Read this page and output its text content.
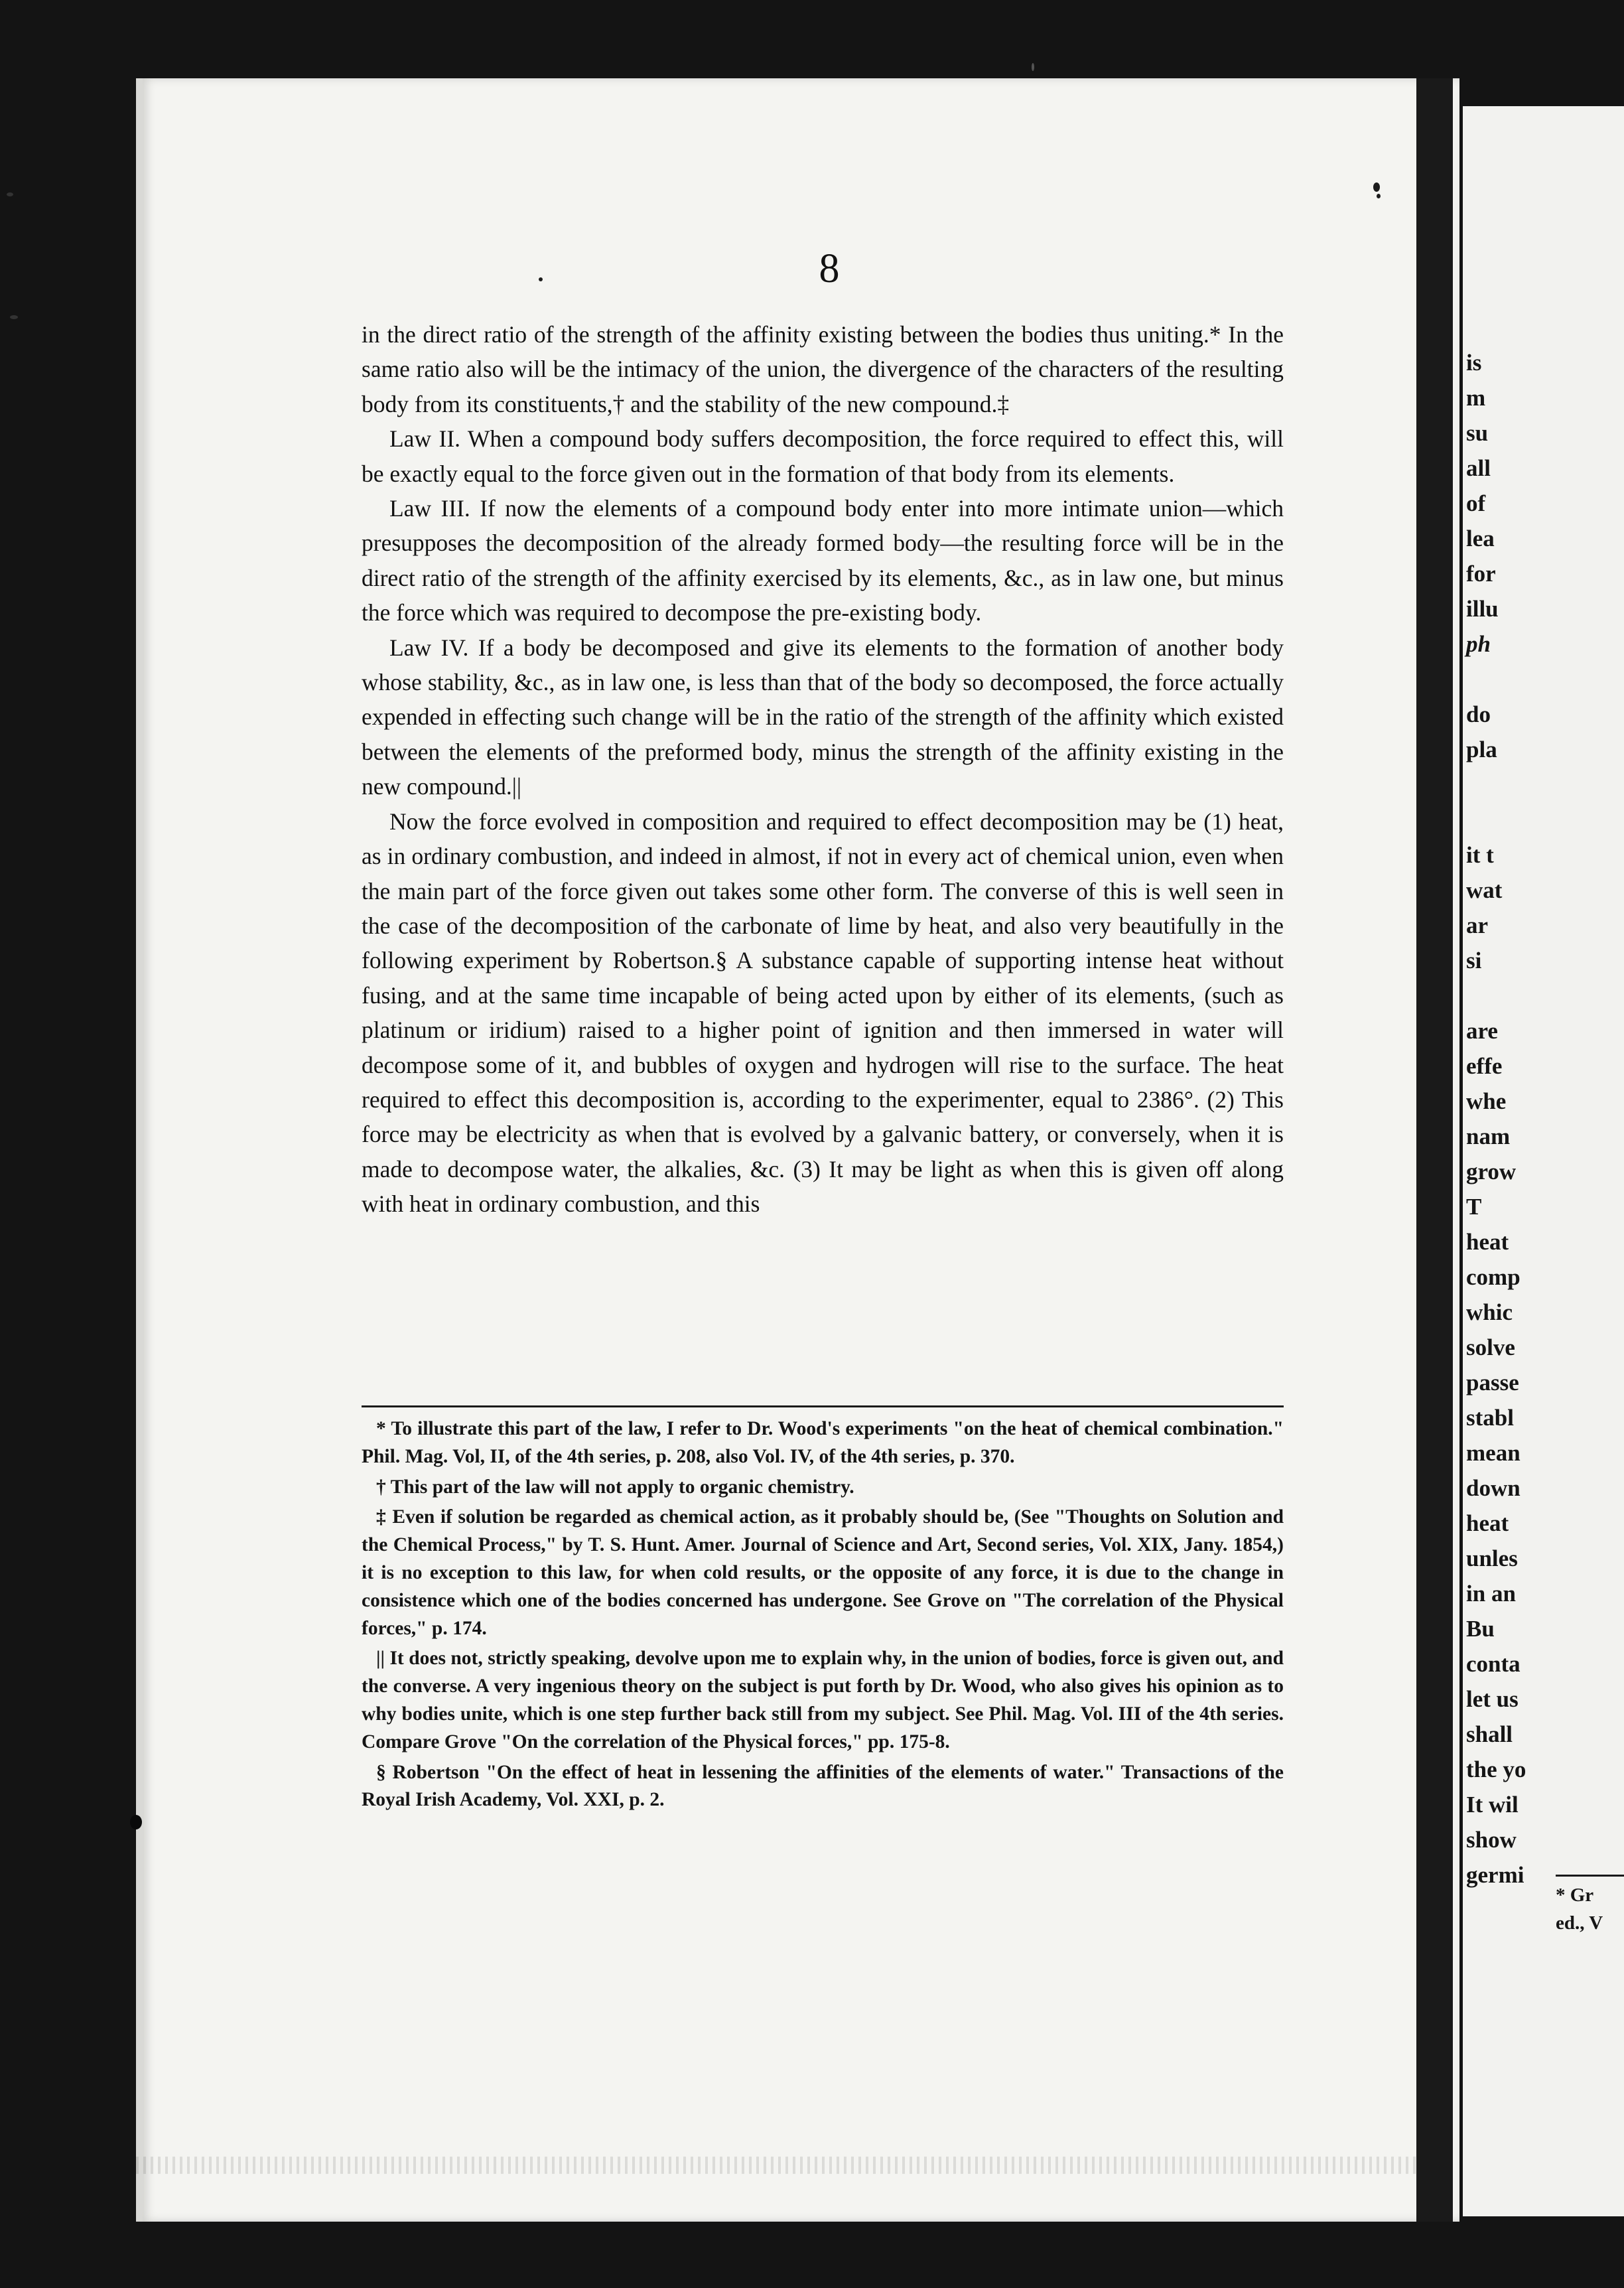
8

in the direct ratio of the strength of the affinity existing between the bodies thus uniting.* In the same ratio also will be the intimacy of the union, the divergence of the characters of the resulting body from its constituents,† and the stability of the new compound.‡

Law II. When a compound body suffers decomposition, the force required to effect this, will be exactly equal to the force given out in the formation of that body from its elements.

Law III. If now the elements of a compound body enter into more intimate union—which presupposes the decomposition of the already formed body—the resulting force will be in the direct ratio of the strength of the affinity exercised by its elements, &c., as in law one, but minus the force which was required to decompose the pre-existing body.

Law IV. If a body be decomposed and give its elements to the formation of another body whose stability, &c., as in law one, is less than that of the body so decomposed, the force actually expended in effecting such change will be in the ratio of the strength of the affinity which existed between the elements of the preformed body, minus the strength of the affinity existing in the new compound.||

Now the force evolved in composition and required to effect decomposition may be (1) heat, as in ordinary combustion, and indeed in almost, if not in every act of chemical union, even when the main part of the force given out takes some other form. The converse of this is well seen in the case of the decomposition of the carbonate of lime by heat, and also very beautifully in the following experiment by Robertson.§ A substance capable of supporting intense heat without fusing, and at the same time incapable of being acted upon by either of its elements, (such as platinum or iridium) raised to a higher point of ignition and then immersed in water will decompose some of it, and bubbles of oxygen and hydrogen will rise to the surface. The heat required to effect this decomposition is, according to the experimenter, equal to 2386°. (2) This force may be electricity as when that is evolved by a galvanic battery, or conversely, when it is made to decompose water, the alkalies, &c. (3) It may be light as when this is given off along with heat in ordinary combustion, and this

* To illustrate this part of the law, I refer to Dr. Wood's experiments "on the heat of chemical combination." Phil. Mag. Vol, II, of the 4th series, p. 208, also Vol. IV, of the 4th series, p. 370.

† This part of the law will not apply to organic chemistry.

‡ Even if solution be regarded as chemical action, as it probably should be, (See "Thoughts on Solution and the Chemical Process," by T. S. Hunt. Amer. Journal of Science and Art, Second series, Vol. XIX, Jany. 1854,) it is no exception to this law, for when cold results, or the opposite of any force, it is due to the change in consistence which one of the bodies concerned has undergone. See Grove on "The correlation of the Physical forces," p. 174.

|| It does not, strictly speaking, devolve upon me to explain why, in the union of bodies, force is given out, and the converse. A very ingenious theory on the subject is put forth by Dr. Wood, who also gives his opinion as to why bodies unite, which is one step further back still from my subject. See Phil. Mag. Vol. III of the 4th series. Compare Grove "On the correlation of the Physical forces," pp. 175-8.

§ Robertson "On the effect of heat in lessening the affinities of the elements of water." Transactions of the Royal Irish Academy, Vol. XXI, p. 2.

is
m
su
all
of
lea
for
illu
ph
do
pla
it t
wat
ar
si
are
effe
whe
nam
grow
T
heat
comp
whic
solve
passe
stabl
mean
down
heat
unles
in an
Bu
conta
let us
shall
the yo
It wil
show
germi
* Gr
ed., V
